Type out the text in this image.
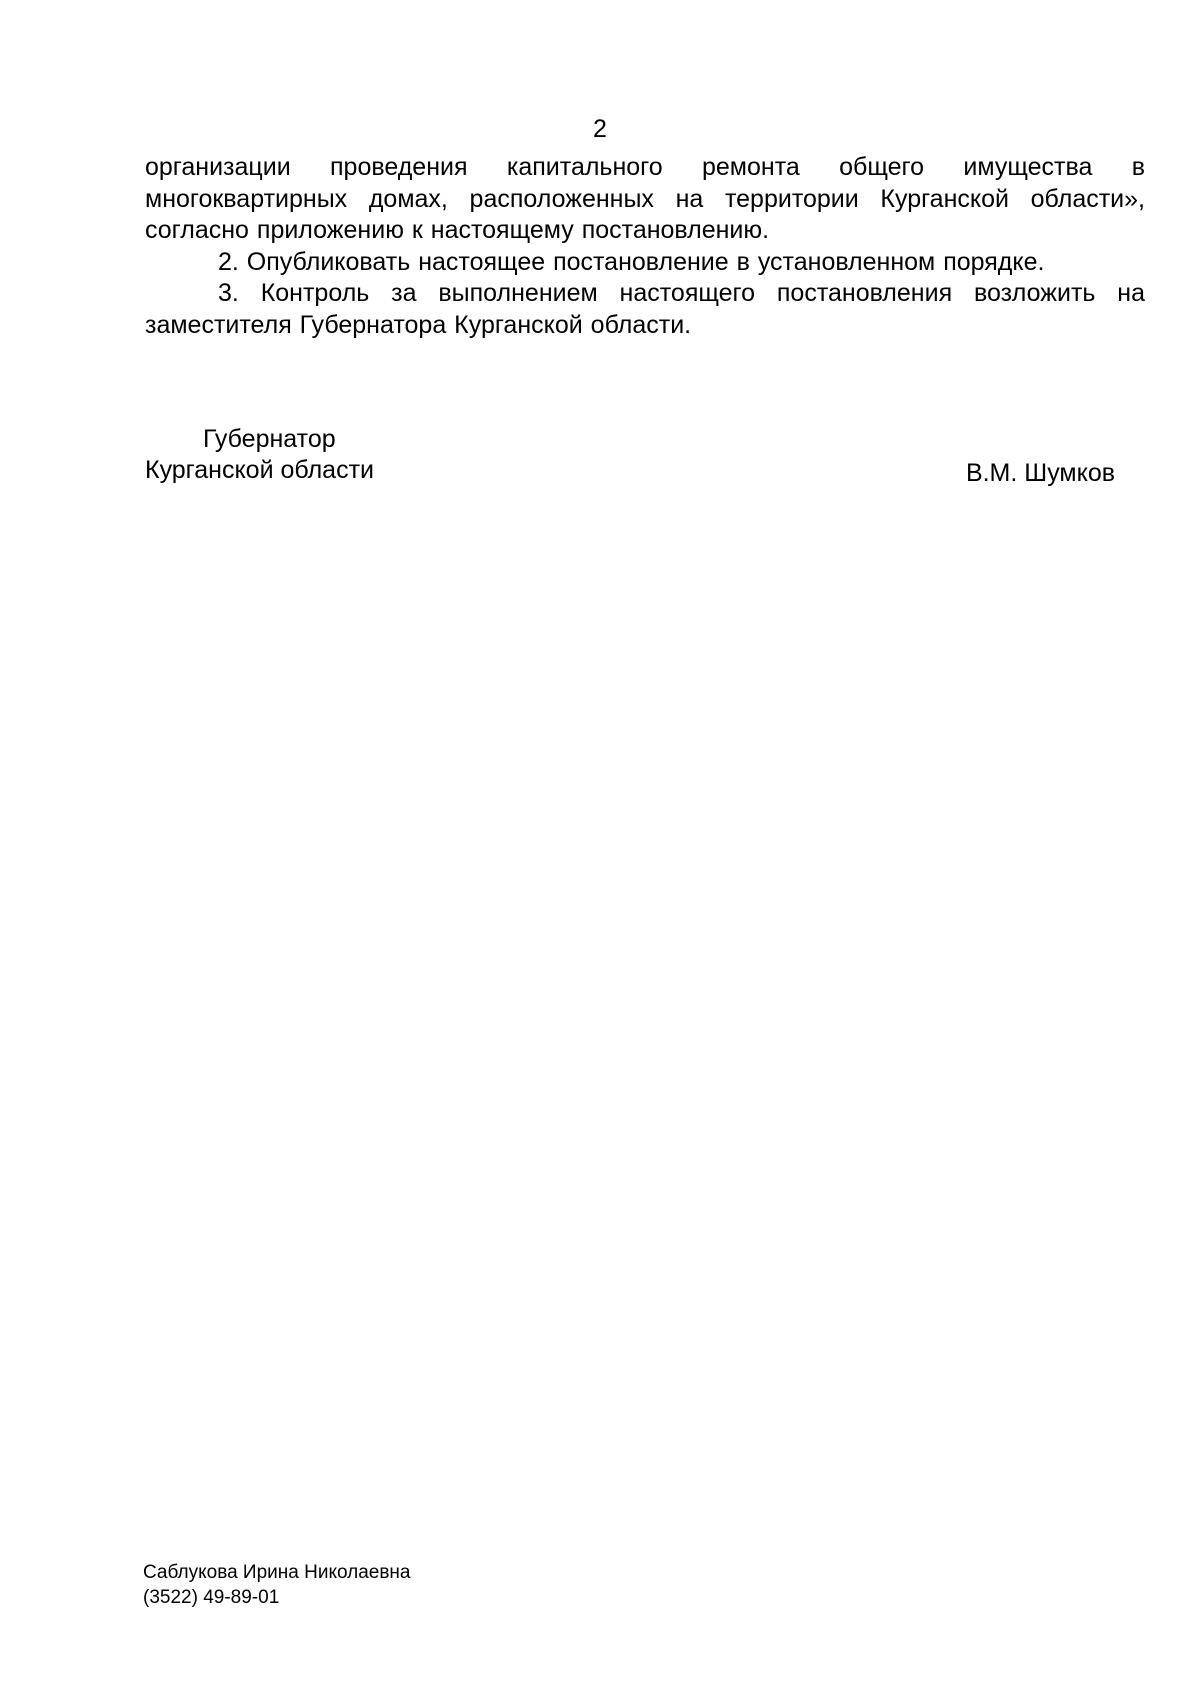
2

организации проведения капитального ремонта общего имущества в многоквартирных домах, расположенных на территории Курганской области», согласно приложению к настоящему постановлению.

2. Опубликовать настоящее постановление в установленном порядке.

3. Контроль за выполнением настоящего постановления возложить на заместителя Губернатора Курганской области.

Губернатор
Курганской области	В.М. Шумков
Саблукова Ирина Николаевна
(3522) 49-89-01
